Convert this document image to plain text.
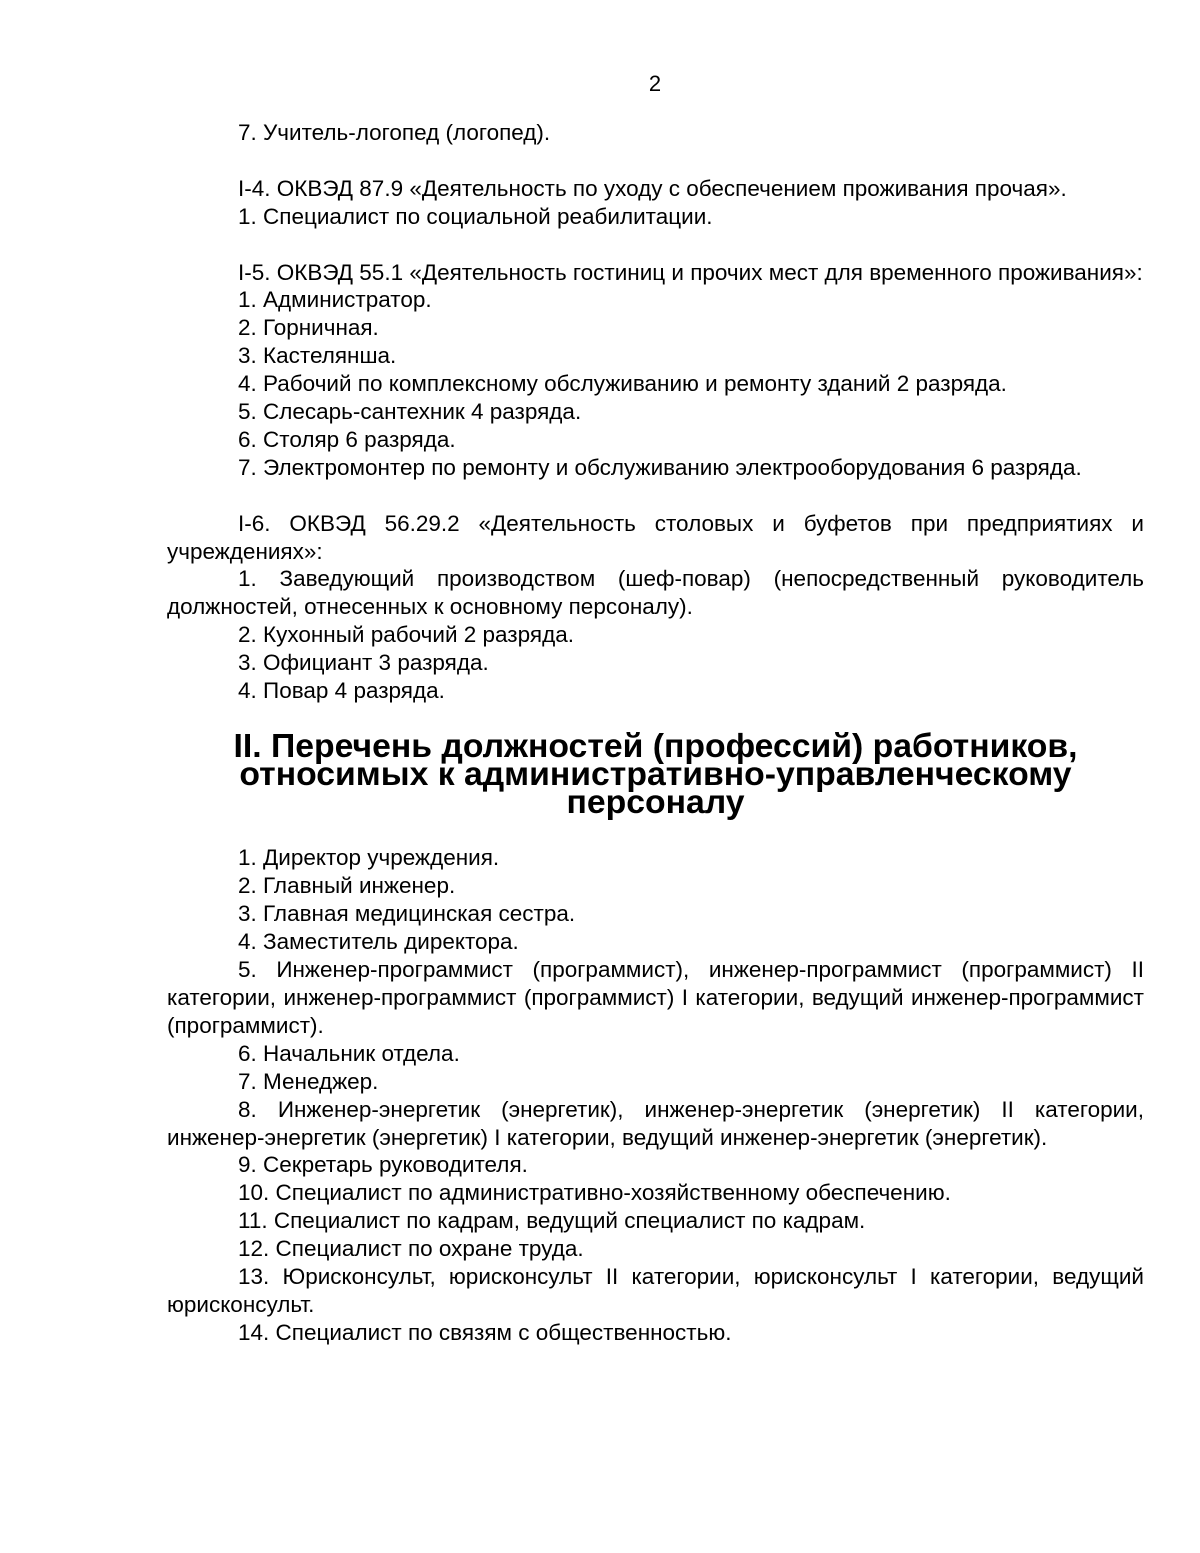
2

7. Учитель-логопед (логопед).

I-4. ОКВЭД 87.9 «Деятельность по уходу с обеспечением проживания прочая».

1. Специалист по социальной реабилитации.

I-5. ОКВЭД 55.1 «Деятельность гостиниц и прочих мест для временного проживания»:

1. Администратор.

2. Горничная.

3. Кастелянша.

4. Рабочий по комплексному обслуживанию и ремонту зданий 2 разряда.

5. Слесарь-сантехник 4 разряда.

6. Столяр 6 разряда.

7. Электромонтер по ремонту и обслуживанию электрооборудования 6 разряда.

I-6. ОКВЭД 56.29.2 «Деятельность столовых и буфетов при предприятиях и учреждениях»:

1. Заведующий производством (шеф-повар) (непосредственный руководитель должностей, отнесенных к основному персоналу).

2. Кухонный рабочий 2 разряда.

3. Официант 3 разряда.

4. Повар 4 разряда.

II. Перечень должностей (профессий) работников,
относимых к административно-управленческому персоналу

1. Директор учреждения.

2. Главный инженер.

3. Главная медицинская сестра.

4. Заместитель директора.

5. Инженер-программист (программист), инженер-программист (программист) II категории, инженер-программист (программист) I категории, ведущий инженер-программист (программист).

6. Начальник отдела.

7. Менеджер.

8. Инженер-энергетик (энергетик), инженер-энергетик (энергетик) II категории, инженер-энергетик (энергетик) I категории, ведущий инженер-энергетик (энергетик).

9. Секретарь руководителя.

10. Специалист по административно-хозяйственному обеспечению.

11. Специалист по кадрам, ведущий специалист по кадрам.

12. Специалист по охране труда.

13. Юрисконсульт, юрисконсульт II категории, юрисконсульт I категории, ведущий юрисконсульт.

14. Специалист по связям с общественностью.
